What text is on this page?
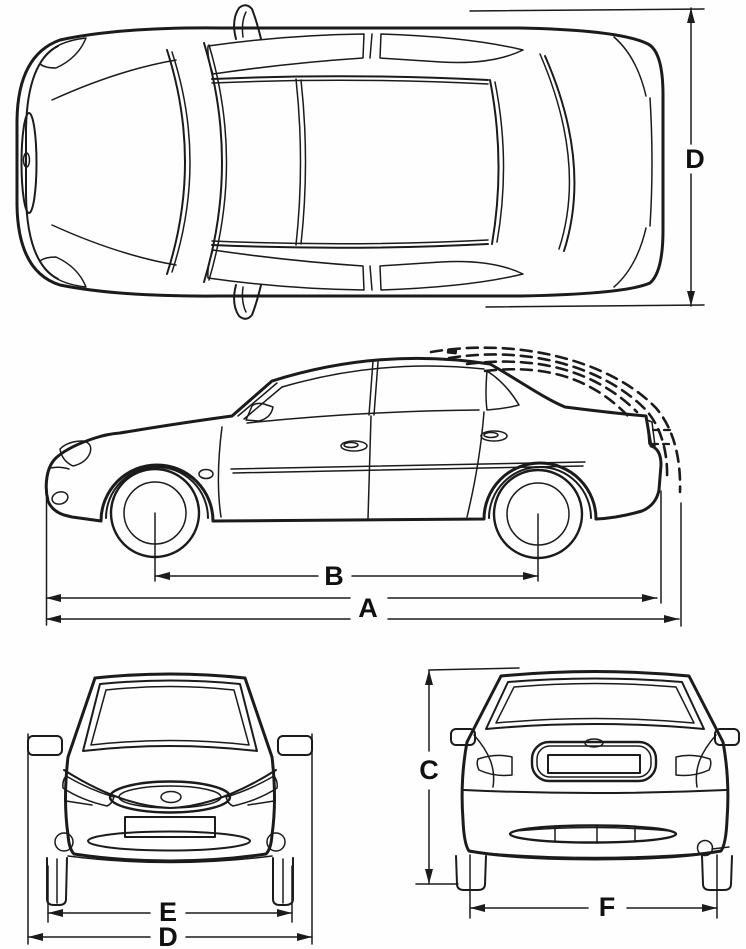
D
B
A
E
D
C
F
